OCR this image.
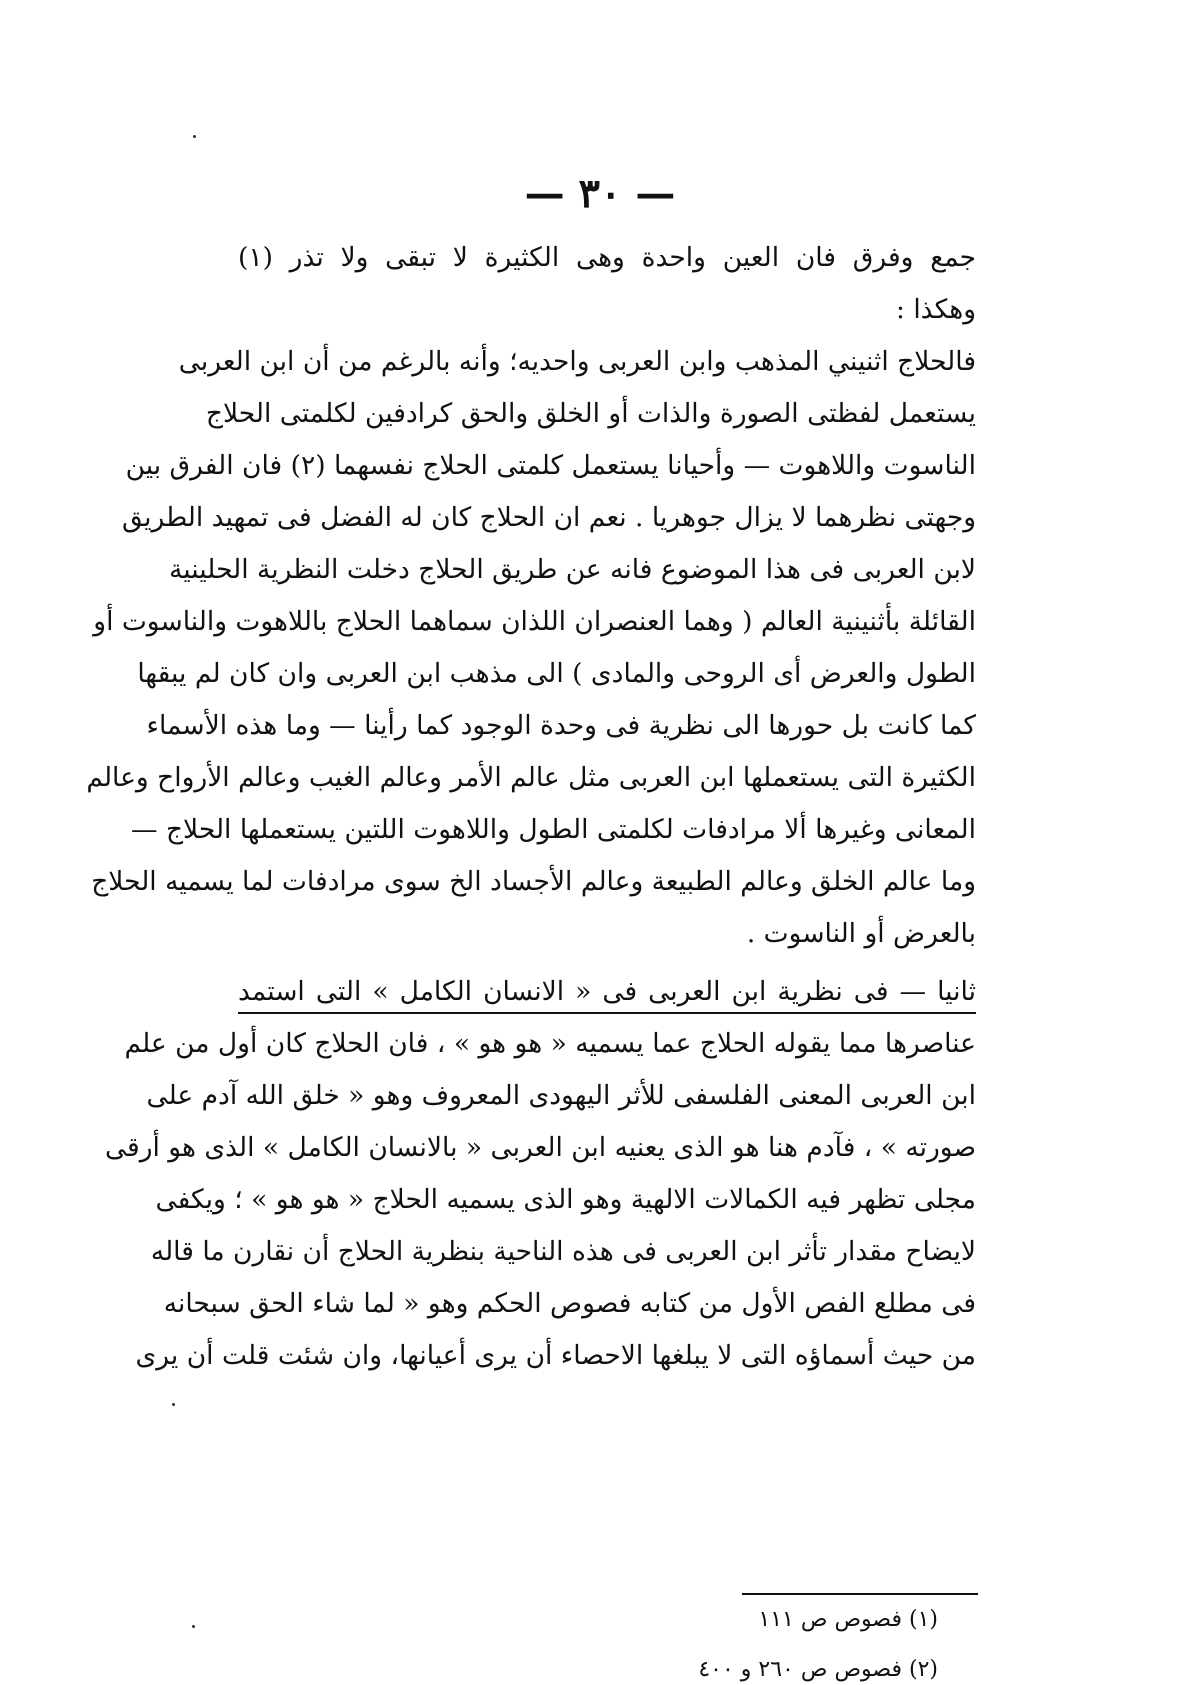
— ٣٠ —
جمع وفرق فان العين واحدة وهى الكثيرة لا تبقى ولا تذر (١)
وهكذا :
فالحلاج اثنيني المذهب وابن العربى واحديه؛ وأنه بالرغم من أن ابن العربى
يستعمل لفظتى الصورة والذات أو الخلق والحق كرادفين لكلمتى الحلاج
الناسوت واللاهوت — وأحيانا يستعمل كلمتى الحلاج نفسهما (٢) فان الفرق بين
وجهتى نظرهما لا يزال جوهريا . نعم ان الحلاج كان له الفضل فى تمهيد الطريق
لابن العربى فى هذا الموضوع فانه عن طريق الحلاج دخلت النظرية الحلينية
القائلة بأثنينية العالم ( وهما العنصران اللذان سماهما الحلاج باللاهوت والناسوت أو
الطول والعرض أى الروحى والمادى ) الى مذهب ابن العربى وان كان لم يبقها
كما كانت بل حورها الى نظرية فى وحدة الوجود كما رأينا — وما هذه الأسماء
الكثيرة التى يستعملها ابن العربى مثل عالم الأمر وعالم الغيب وعالم الأرواح وعالم
المعانى وغيرها ألا مرادفات لكلمتى الطول واللاهوت اللتين يستعملها الحلاج —
وما عالم الخلق وعالم الطبيعة وعالم الأجساد الخ سوى مرادفات لما يسميه الحلاج
بالعرض أو الناسوت .
ثانيا — فى نظرية ابن العربى فى « الانسان الكامل » التى استمد
عناصرها مما يقوله الحلاج عما يسميه « هو هو » ، فان الحلاج كان أول من علم
ابن العربى المعنى الفلسفى للأثر اليهودى المعروف وهو « خلق الله آدم على
صورته » ، فآدم هنا هو الذى يعنيه ابن العربى « بالانسان الكامل » الذى هو أرقى
مجلى تظهر فيه الكمالات الالهية وهو الذى يسميه الحلاج « هو هو » ؛ ويكفى
لايضاح مقدار تأثر ابن العربى فى هذه الناحية بنظرية الحلاج أن نقارن ما قاله
فى مطلع الفص الأول من كتابه فصوص الحكم وهو « لما شاء الحق سبحانه
من حيث أسماؤه التى لا يبلغها الاحصاء أن يرى أعيانها، وان شئت قلت أن يرى
(١) فصوص ص ١١١
(٢) فصوص ص ٢٦٠ و ٤٠٠
